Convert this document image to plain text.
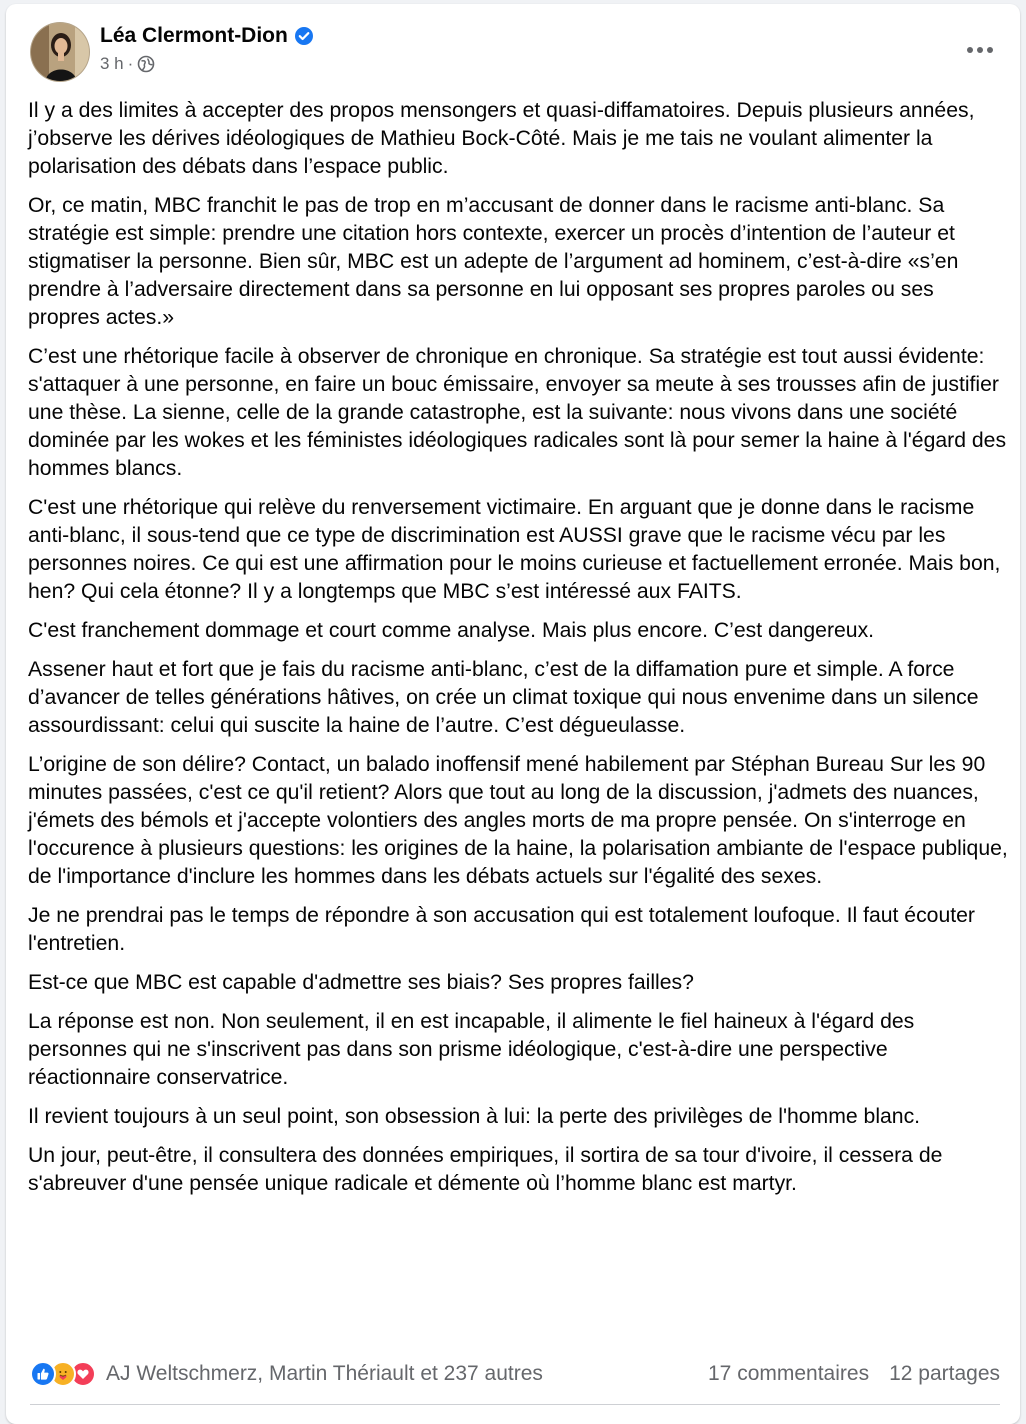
Léa Clermont-Dion
3 h ·

Il y a des limites à accepter des propos mensongers et quasi-diffamatoires. Depuis plusieurs années, j’observe les dérives idéologiques de Mathieu Bock-Côté. Mais je me tais ne voulant alimenter la polarisation des débats dans l’espace public.

Or, ce matin, MBC franchit le pas de trop en m’accusant de donner dans le racisme anti-blanc. Sa stratégie est simple: prendre une citation hors contexte, exercer un procès d’intention de l’auteur et stigmatiser la personne. Bien sûr, MBC est un adepte de l’argument ad hominem, c’est-à-dire «s’en prendre à l’adversaire directement dans sa personne en lui opposant ses propres paroles ou ses propres actes.»

C’est une rhétorique facile à observer de chronique en chronique. Sa stratégie est tout aussi évidente: s'attaquer à une personne, en faire un bouc émissaire, envoyer sa meute à ses trousses afin de justifier une thèse. La sienne, celle de la grande catastrophe, est la suivante: nous vivons dans une société dominée par les wokes et les féministes idéologiques radicales sont là pour semer la haine à l'égard des hommes blancs.

C'est une rhétorique qui relève du renversement victimaire. En arguant que je donne dans le racisme anti-blanc, il sous-tend que ce type de discrimination est AUSSI grave que le racisme vécu par les personnes noires. Ce qui est une affirmation pour le moins curieuse et factuellement erronée. Mais bon, hen? Qui cela étonne? Il y a longtemps que MBC s’est intéressé aux FAITS.

C'est franchement dommage et court comme analyse. Mais plus encore. C’est dangereux.

Assener haut et fort que je fais du racisme anti-blanc, c’est de la diffamation pure et simple. A force d’avancer de telles générations hâtives, on crée un climat toxique qui nous envenime dans un silence assourdissant: celui qui suscite la haine de l’autre. C’est dégueulasse.

L’origine de son délire? Contact, un balado inoffensif mené habilement par Stéphan Bureau Sur les 90 minutes passées, c'est ce qu'il retient? Alors que tout au long de la discussion, j'admets des nuances, j'émets des bémols et j'accepte volontiers des angles morts de ma propre pensée. On s'interroge en l'occurence à plusieurs questions: les origines de la haine, la polarisation ambiante de l'espace publique, de l'importance d'inclure les hommes dans les débats actuels sur l'égalité des sexes.

Je ne prendrai pas le temps de répondre à son accusation qui est totalement loufoque. Il faut écouter l'entretien.

Est-ce que MBC est capable d'admettre ses biais? Ses propres failles?

La réponse est non. Non seulement, il en est incapable, il alimente le fiel haineux à l'égard des personnes qui ne s'inscrivent pas dans son prisme idéologique, c'est-à-dire une perspective réactionnaire conservatrice.

Il revient toujours à un seul point, son obsession à lui: la perte des privilèges de l'homme blanc.

Un jour, peut-être, il consultera des données empiriques, il sortira de sa tour d'ivoire, il cessera de s'abreuver d'une pensée unique radicale et démente où l’homme blanc est martyr.

AJ Weltschmerz, Martin Thériault et 237 autres	17 commentaires 12 partages
